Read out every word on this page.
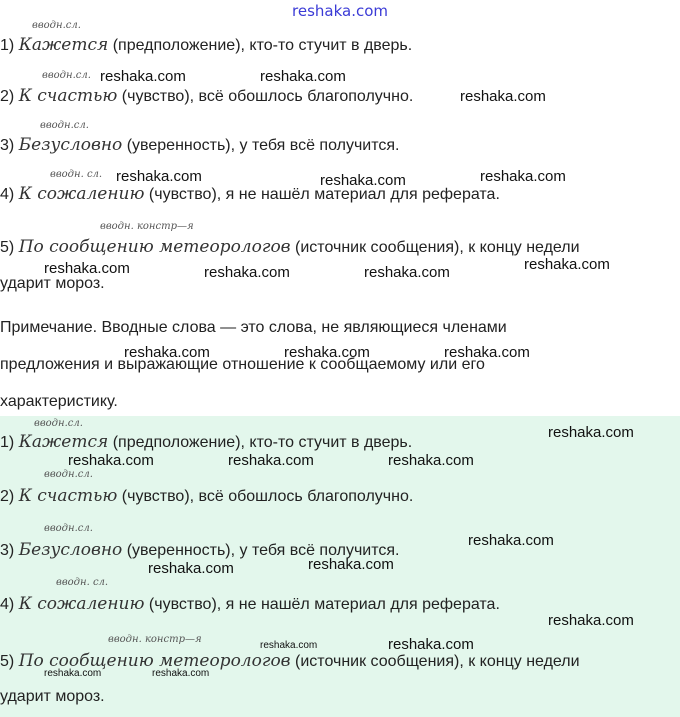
reshaka.com
вводн.сл.
1) Кажется (предположение), кто-то стучит в дверь.
вводн.сл.
2) К счастью (чувство), всё обошлось благополучно.
вводн.сл.
3) Безусловно (уверенность), у тебя всё получится.
вводн. сл.
4) К сожалению (чувство), я не нашёл материал для реферата.
вводн. констр—я
5) По сообщению метеорологов (источник сообщения), к концу недели
ударит мороз.
Примечание. Вводные слова — это слова, не являющиеся членами
предложения и выражающие отношение к сообщаемому или его
характеристику.
вводн.сл.
1) Кажется (предположение), кто-то стучит в дверь.
вводн.сл.
2) К счастью (чувство), всё обошлось благополучно.
вводн.сл.
3) Безусловно (уверенность), у тебя всё получится.
вводн. сл.
4) К сожалению (чувство), я не нашёл материал для реферата.
вводн. констр—я
5) По сообщению метеорологов (источник сообщения), к концу недели
ударит мороз.
reshaka.com	reshaka.com
reshaka.com
reshaka.com	reshaka.com	reshaka.com
reshaka.com	reshaka.com	reshaka.com	reshaka.com
reshaka.com	reshaka.com	reshaka.com
reshaka.com
reshaka.com	reshaka.com	reshaka.com
reshaka.com
reshaka.com	reshaka.com
reshaka.com
reshaka.com	reshaka.com
reshaka.com	reshaka.com
